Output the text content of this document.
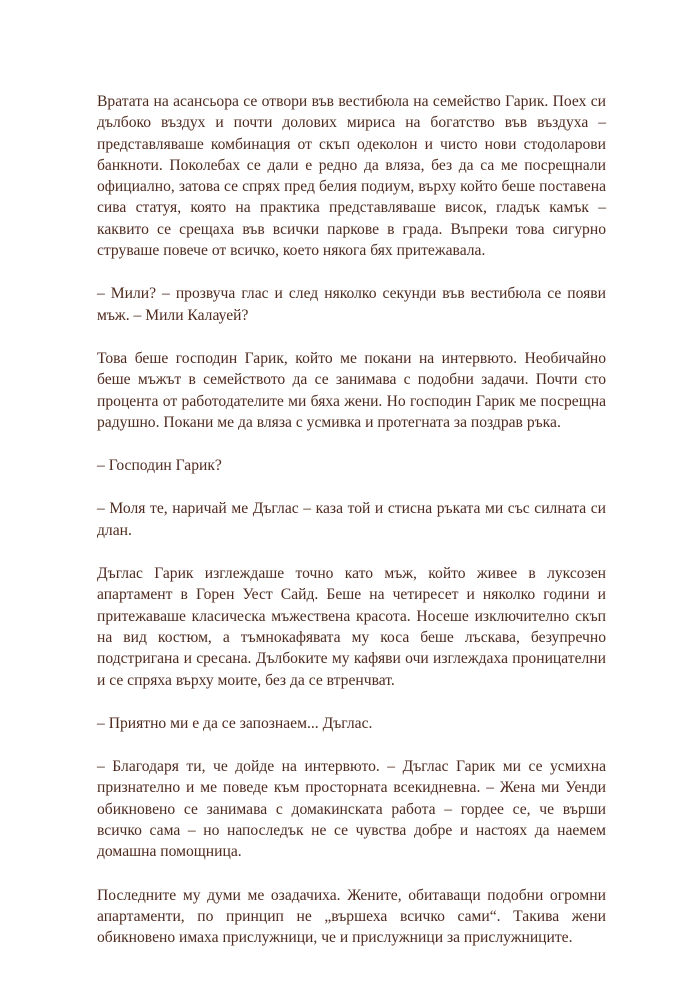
Вратата на асансьора се отвори във вестибюла на семейство Гарик. Поех си дълбоко въздух и почти долових мириса на богатство във въздуха – представляваше комбинация от скъп одеколон и чисто нови стодоларови банкноти. Поколебах се дали е редно да вляза, без да са ме посрещнали официално, затова се спрях пред белия подиум, върху който беше поставена сива статуя, която на практика представляваше висок, гладък камък – каквито се срещаха във всички паркове в града. Въпреки това сигурно струваше повече от всичко, което някога бях притежавала.

– Мили? – прозвуча глас и след няколко секунди във вестибюла се появи мъж. – Мили Калауей?

Това беше господин Гарик, който ме покани на интервюто. Необичайно беше мъжът в семейството да се занимава с подобни задачи. Почти сто процента от работодателите ми бяха жени. Но господин Гарик ме посрещна радушно. Покани ме да вляза с усмивка и протегната за поздрав ръка.

– Господин Гарик?

– Моля те, наричай ме Дъглас – каза той и стисна ръката ми със силната си длан.

Дъглас Гарик изглеждаше точно като мъж, който живее в луксозен апартамент в Горен Уест Сайд. Беше на четиресет и няколко години и притежаваше класическа мъжествена красота. Носеше изключително скъп на вид костюм, а тъмнокафявата му коса беше лъскава, безупречно подстригана и сресана. Дълбоките му кафяви очи изглеждаха проницателни и се спряха върху моите, без да се втренчват.

– Приятно ми е да се запознаем... Дъглас.

– Благодаря ти, че дойде на интервюто. – Дъглас Гарик ми се усмихна признателно и ме поведе към просторната всекидневна. – Жена ми Уенди обикновено се занимава с домакинската работа – гордее се, че върши всичко сама – но напоследък не се чувства добре и настоях да наемем домашна помощница.

Последните му думи ме озадачиха. Жените, обитаващи подобни огромни апартаменти, по принцип не „вършеха всичко сами“. Такива жени обикновено имаха прислужници, че и прислужници за прислужниците.
